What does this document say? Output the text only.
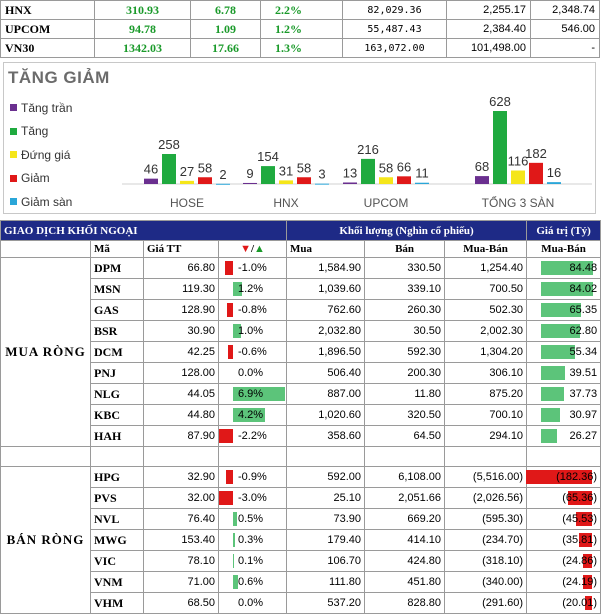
HNX	310.93	6.78	2.2%	82,029.36	2,255.17	2,348.74
UPCOM	94.78	1.09	1.2%	55,487.43	2,384.40	546.00
VN30	1342.03	17.66	1.3%	163,072.00	101,498.00	-
TĂNG GIẢM
Tăng trần
Tăng
Đứng giá
Giảm
Giảm sàn
46
258
27 58 2
HOSE
9
154
31 58 3
HNX
13
216
58 66 11
UPCOM
68
628
116
182
16
TỔNG 3 SÀN
GIAO DỊCH KHỐI NGOẠI				Khối lượng (Nghìn cổ phiếu)			Giá trị (Tỷ)
	Mã	Giá TT	▼/▲	Mua	Bán	Mua-Bán	Mua-Bán
MUA RÒNG	DPM	66.80	-1.0%	1,584.90	330.50	1,254.40	84.48
	MSN	119.30	1.2%	1,039.60	339.10	700.50	84.02
	GAS	128.90	-0.8%	762.60	260.30	502.30	65.35
	BSR	30.90	1.0%	2,032.80	30.50	2,002.30	62.80
	DCM	42.25	-0.6%	1,896.50	592.30	1,304.20	55.34
	PNJ	128.00	0.0%	506.40	200.30	306.10	39.51
	NLG	44.05	6.9%	887.00	11.80	875.20	37.73
	KBC	44.80	4.2%	1,020.60	320.50	700.10	30.97
	HAH	87.90	-2.2%	358.60	64.50	294.10	26.27

BÁN RÒNG	HPG	32.90	-0.9%	592.00	6,108.00	(5,516.00)	(182.36)
	PVS	32.00	-3.0%	25.10	2,051.66	(2,026.56)	(65.36)
	NVL	76.40	0.5%	73.90	669.20	(595.30)	(45.53)
	MWG	153.40	0.3%	179.40	414.10	(234.70)	(35.81)
	VIC	78.10	0.1%	106.70	424.80	(318.10)	(24.86)
	VNM	71.00	0.6%	111.80	451.80	(340.00)	(24.19)
	VHM	68.50	0.0%	537.20	828.80	(291.60)	(20.01)
